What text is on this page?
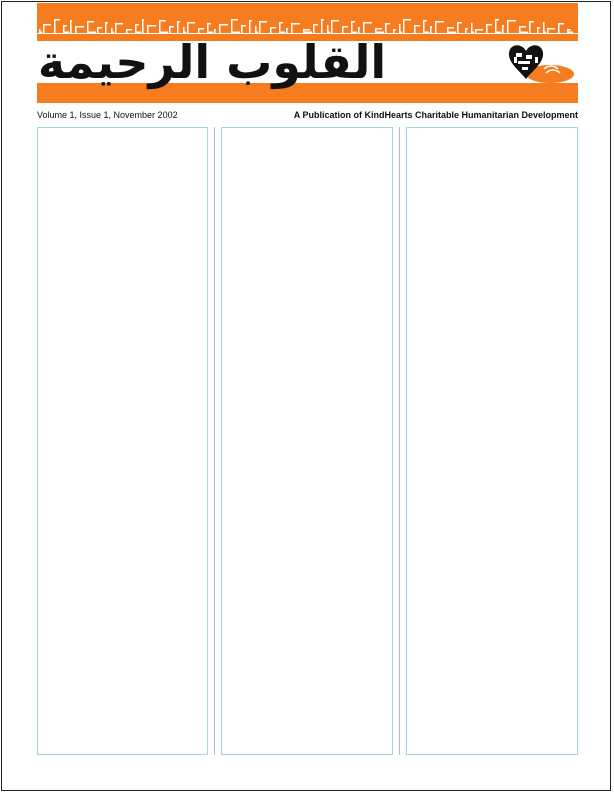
القلوب الرحيمة
Volume 1, Issue 1, November 2002	A Publication of KindHearts Charitable Humanitarian Development
